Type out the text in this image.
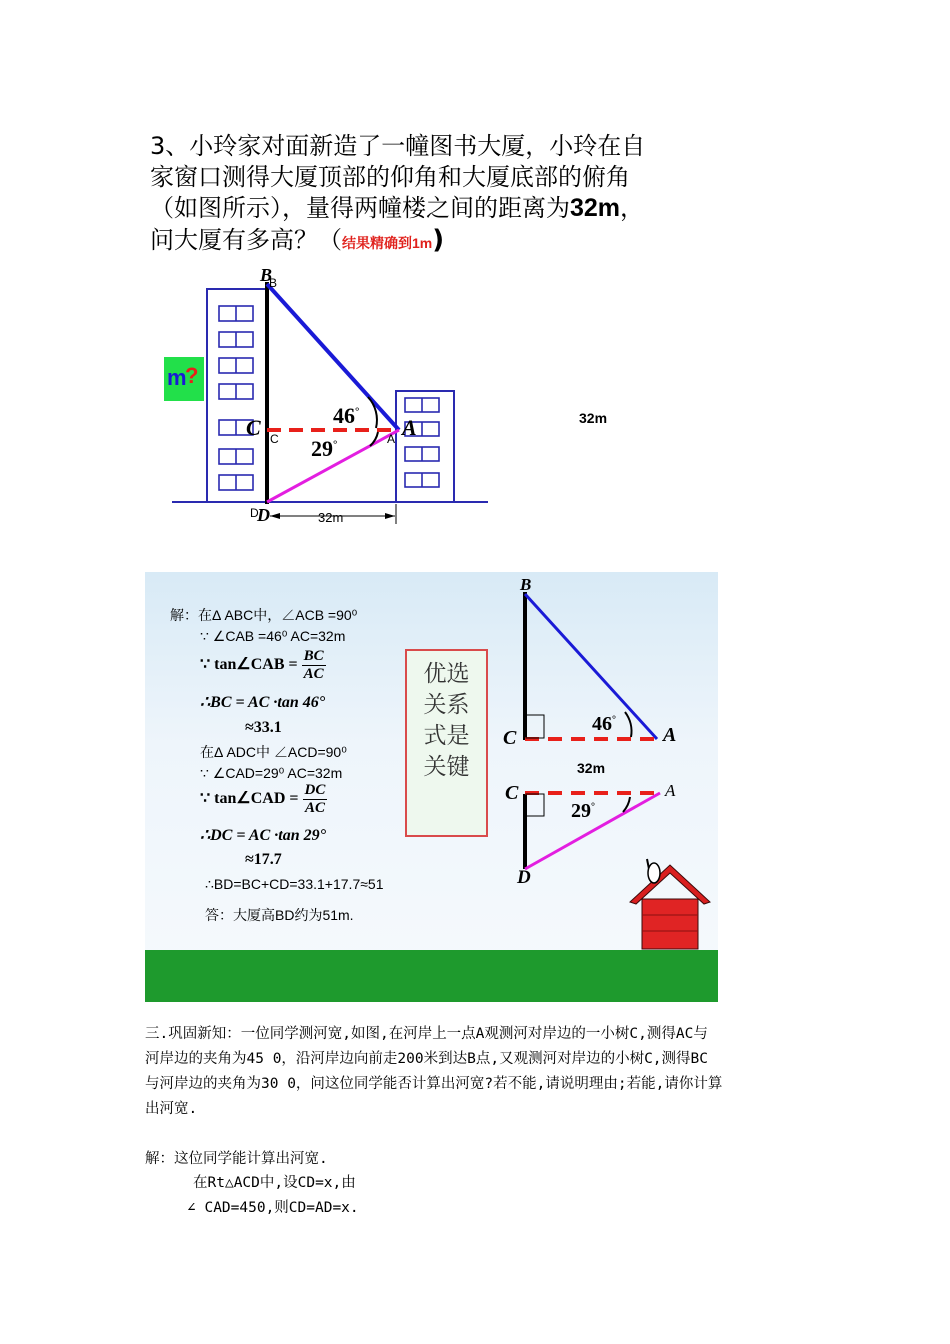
3、小玲家对面新造了一幢图书大厦，小玲在自
家窗口测得大厦顶部的仰角和大厦底部的俯角
（如图所示），量得两幢楼之间的距离为32m，
问大厦有多高？（结果精确到1m)
m
?
B
B
C C	A
A
D
D
46°
29°
32m
32m
解：在Δ ABC中，∠ACB =90⁰
∵ ∠CAB =46⁰ AC=32m
∵ tan∠CAB = $\frac{BC}{AC}$
∴BC = AC ·tan 46°
≈33.1
在Δ ADC中 ∠ACD=90⁰
∵ ∠CAD=29⁰ AC=32m
∵ tan∠CAD = $\frac{DC}{AC}$
∴DC = AC ·tan 29°
≈17.7
∴BD=BC+CD=33.1+17.7≈51
答：大厦高BD约为51m.
优选
关系
式是
关键
B
C	A
46°
32m
C	A
29°
D
三.巩固新知：一位同学测河宽,如图,在河岸上一点A观测河对岸边的一小树C,测得AC与
河岸边的夹角为45 0，沿河岸边向前走200米到达B点,又观测河对岸边的小树C,测得BC
与河岸边的夹角为30 0，问这位同学能否计算出河宽?若不能,请说明理由;若能,请你计算
出河宽.
解：这位同学能计算出河宽.
在Rt△ACD中,设CD=x,由
∠ CAD=450,则CD=AD=x.
